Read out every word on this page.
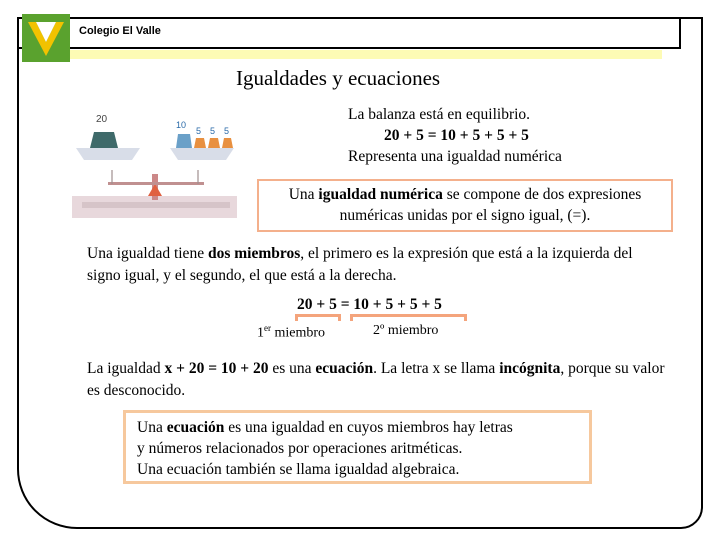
Colegio El Valle
Igualdades y ecuaciones
20	10
5 5 5
La balanza está en equilibrio.
20 + 5 = 10 + 5 + 5 + 5
Representa una igualdad numérica
Una igualdad numérica se compone de dos expresiones numéricas unidas por el signo igual, (=).
Una igualdad tiene dos miembros, el primero es la expresión que está a la izquierda del signo igual, y el segundo, el que está a la derecha.
20 + 5 = 10 + 5 + 5 + 5
1er miembro	2º miembro
La igualdad x + 20 = 10 + 20 es una ecuación. La letra x se llama incógnita, porque su valor es desconocido.
Una ecuación es una igualdad en cuyos miembros hay letras
y números relacionados por operaciones aritméticas.
Una ecuación también se llama igualdad algebraica.
